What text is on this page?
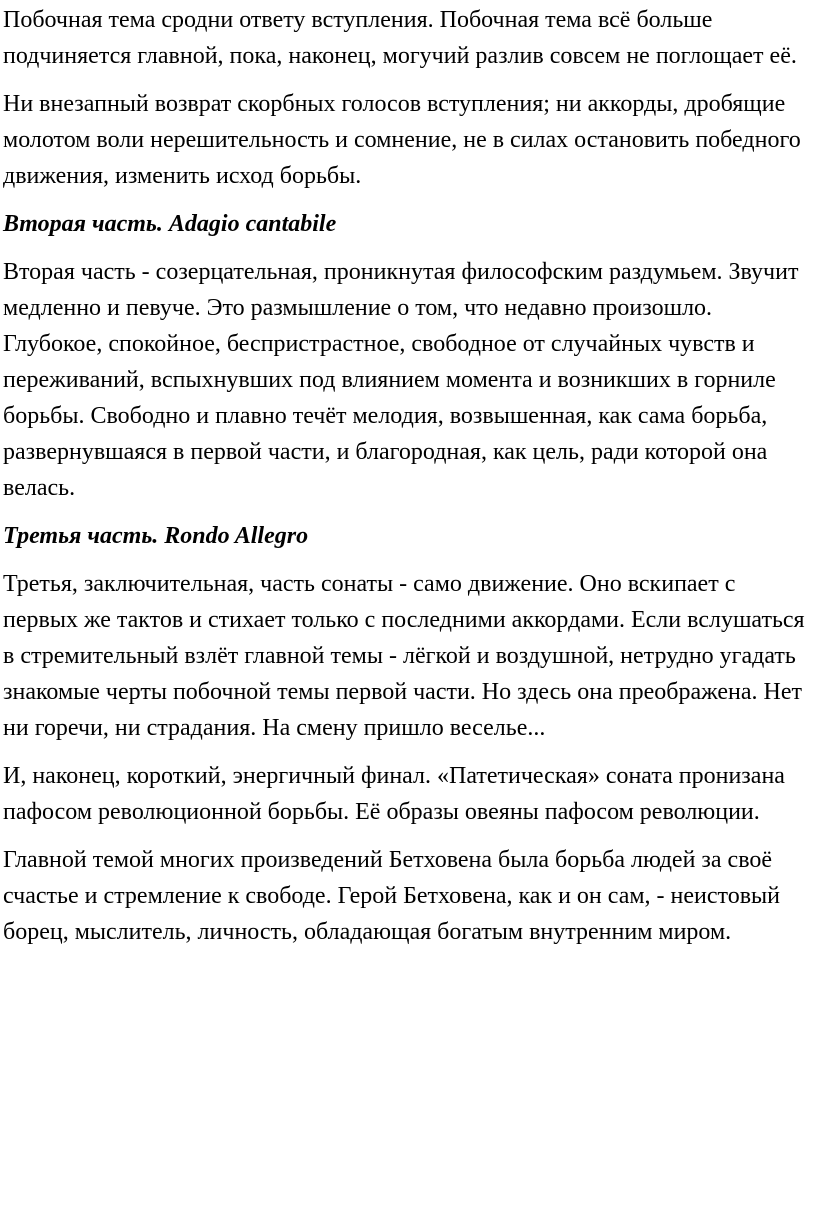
Побочная тема сродни ответу вступления. Побочная тема всё больше подчиняется главной, пока, наконец, могучий разлив совсем не поглощает её.

Ни внезапный возврат скорбных голосов вступления; ни аккорды, дробящие молотом воли нерешительность и сомнение, не в силах остановить победного движения, изменить исход борьбы.

Вторая часть. Adagio cantabile

Вторая часть - созерцательная, проникнутая философским раздумьем. Звучит медленно и певуче. Это размышление о том, что недавно произошло. Глубокое, спокойное, беспристрастное, свободное от случайных чувств и переживаний, вспыхнувших под влиянием момента и возникших в горниле борьбы. Свободно и плавно течёт мелодия, возвышенная, как сама борьба, развернувшаяся в первой части, и благородная, как цель, ради которой она велась.

Третья часть. Rondo Allegro

Третья, заключительная, часть сонаты - само движение. Оно вскипает с первых же тактов и стихает только с последними аккордами. Если вслушаться в стремительный взлёт главной темы - лёгкой и воздушной, нетрудно угадать знакомые черты побочной темы первой части. Но здесь она преображена. Нет ни горечи, ни страдания. На смену пришло веселье...

И, наконец, короткий, энергичный финал. «Патетическая» соната пронизана пафосом революционной борьбы. Её образы овеяны пафосом революции.

Главной темой многих произведений Бетховена была борьба людей за своё счастье и стремление к свободе. Герой Бетховена, как и он сам, - неистовый борец, мыслитель, личность, обладающая богатым внутренним миром.
